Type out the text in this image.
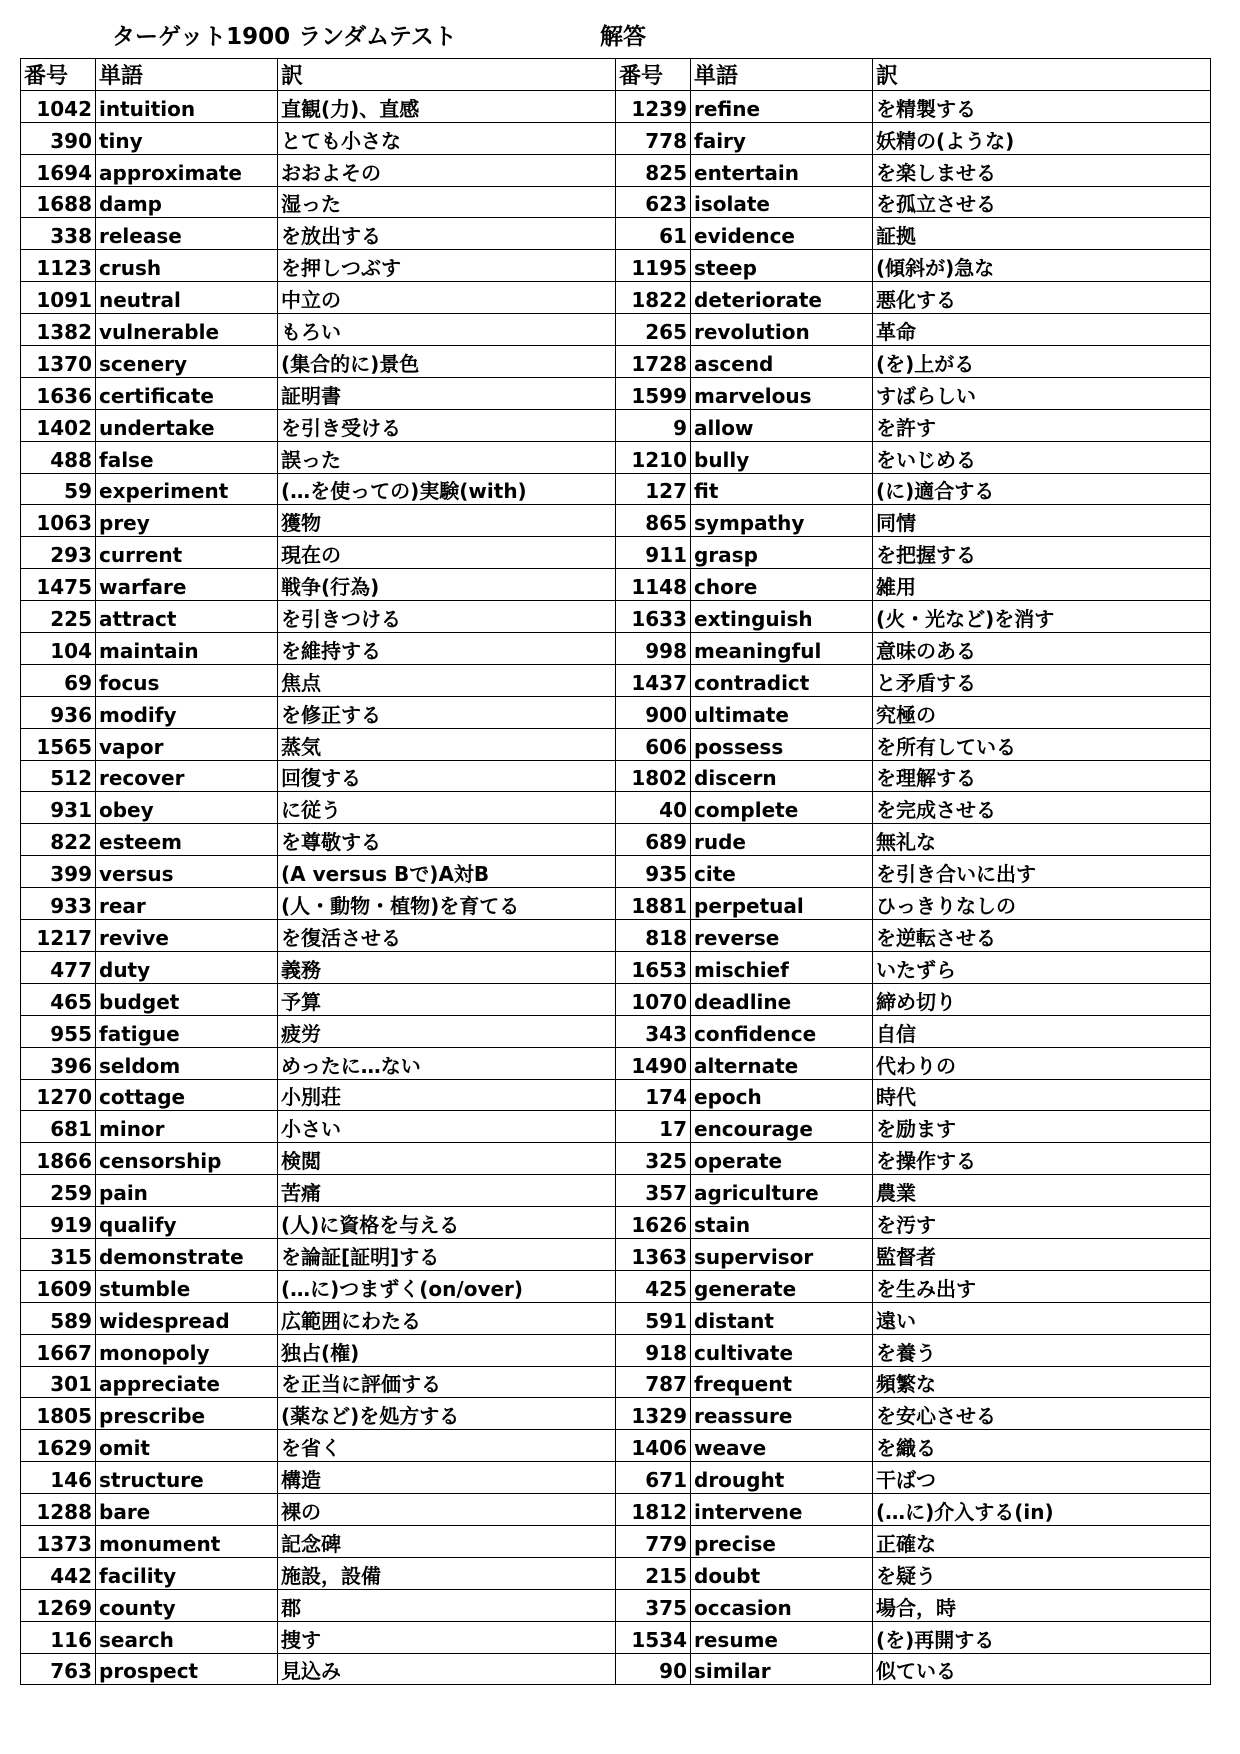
ターゲット1900 ランダムテスト	解答
番号	単語	訳	番号	単語	訳
1042	intuition	直観(力)、直感	1239	refine	を精製する
390	tiny	とても小さな	778	fairy	妖精の(ような)
1694	approximate	おおよその	825	entertain	を楽しませる
1688	damp	湿った	623	isolate	を孤立させる
338	release	を放出する	61	evidence	証拠
1123	crush	を押しつぶす	1195	steep	(傾斜が)急な
1091	neutral	中立の	1822	deteriorate	悪化する
1382	vulnerable	もろい	265	revolution	革命
1370	scenery	(集合的に)景色	1728	ascend	(を)上がる
1636	certificate	証明書	1599	marvelous	すばらしい
1402	undertake	を引き受ける	9	allow	を許す
488	false	誤った	1210	bully	をいじめる
59	experiment	(…を使っての)実験(with)	127	fit	(に)適合する
1063	prey	獲物	865	sympathy	同情
293	current	現在の	911	grasp	を把握する
1475	warfare	戦争(行為)	1148	chore	雑用
225	attract	を引きつける	1633	extinguish	(火・光など)を消す
104	maintain	を維持する	998	meaningful	意味のある
69	focus	焦点	1437	contradict	と矛盾する
936	modify	を修正する	900	ultimate	究極の
1565	vapor	蒸気	606	possess	を所有している
512	recover	回復する	1802	discern	を理解する
931	obey	に従う	40	complete	を完成させる
822	esteem	を尊敬する	689	rude	無礼な
399	versus	(A versus Bで)A対B	935	cite	を引き合いに出す
933	rear	(人・動物・植物)を育てる	1881	perpetual	ひっきりなしの
1217	revive	を復活させる	818	reverse	を逆転させる
477	duty	義務	1653	mischief	いたずら
465	budget	予算	1070	deadline	締め切り
955	fatigue	疲労	343	confidence	自信
396	seldom	めったに…ない	1490	alternate	代わりの
1270	cottage	小別荘	174	epoch	時代
681	minor	小さい	17	encourage	を励ます
1866	censorship	検閲	325	operate	を操作する
259	pain	苦痛	357	agriculture	農業
919	qualify	(人)に資格を与える	1626	stain	を汚す
315	demonstrate	を論証[証明]する	1363	supervisor	監督者
1609	stumble	(…に)つまずく(on/over)	425	generate	を生み出す
589	widespread	広範囲にわたる	591	distant	遠い
1667	monopoly	独占(権)	918	cultivate	を養う
301	appreciate	を正当に評価する	787	frequent	頻繁な
1805	prescribe	(薬など)を処方する	1329	reassure	を安心させる
1629	omit	を省く	1406	weave	を織る
146	structure	構造	671	drought	干ばつ
1288	bare	裸の	1812	intervene	(…に)介入する(in)
1373	monument	記念碑	779	precise	正確な
442	facility	施設，設備	215	doubt	を疑う
1269	county	郡	375	occasion	場合，時
116	search	捜す	1534	resume	(を)再開する
763	prospect	見込み	90	similar	似ている
